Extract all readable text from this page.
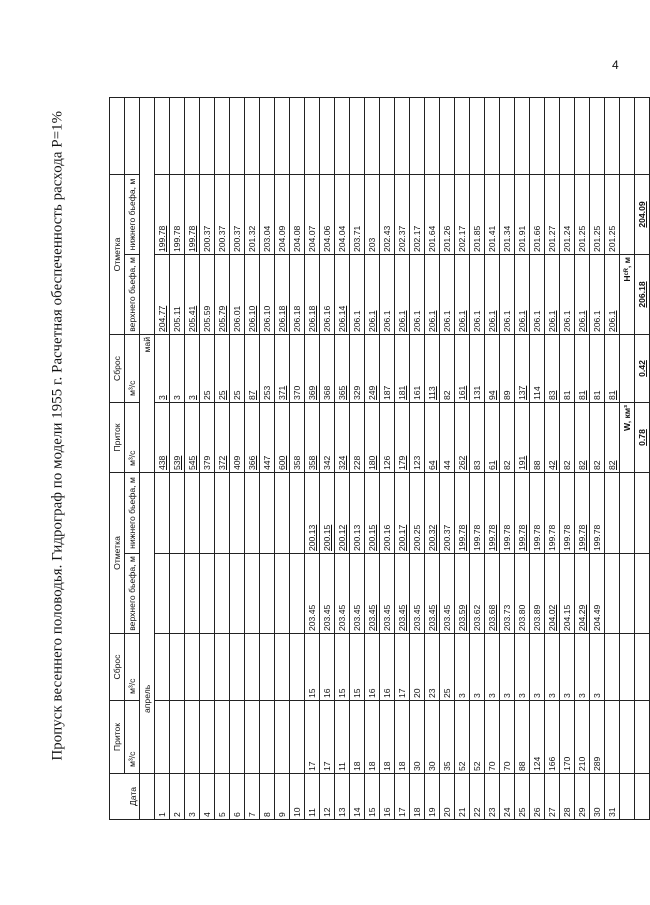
4
Пропуск весеннего половодья. Гидрограф по модели 1955 г. Расчетная обеспеченность расхода Р=1%
Дата	Приток	Сброс	Отметка		Приток	Сброс	Отметка		
	м³/с	м³/с	верхнего бьефа, м	нижнего бьефа, м	м³/с	м³/с	верхнего бьефа, м	нижнего бьефа, м	
	апрель				май				
1					438	3	204.77	199.78	
2					539	3	205.11	199.78	
3					545	3	205.41	199.78	
4					379	25	205.59	200.37	
5					372	25	205.79	200.37	
6					409	25	206.01	200.37	
7					366	87	206.10	201.32	
8					447	253	206.10	203.04	
9					600	371	206.18	204.09	
10					358	370	206.18	204.08	
11	17	15	203.45	200.13	358	369	206.18	204.07	
12	17	16	203.45	200.15	342	368	206.16	204.06	
13	11	15	203.45	200.12	324	365	206.14	204.04	
14	18	15	203.45	200.13	228	329	206.1	203.71	
15	18	16	203.45	200.15	180	249	206.1	203	
16	18	16	203.45	200.16	126	187	206.1	202.43	
17	18	17	203.45	200.17	179	181	206.1	202.37	
18	30	20	203.45	200.25	123	161	206.1	202.17	
19	30	23	203.45	200.32	64	113	206.1	201.64	
20	35	25	203.45	200.37	44	82	206.1	201.26	
21	52	3	203.59	199.78	262	161	206.1	202.17	
22	52	3	203.62	199.78	83	131	206.1	201.85	
23	70	3	203.68	199.78	61	94	206.1	201.41	
24	70	3	203.73	199.78	82	89	206.1	201.34	
25	88	3	203.80	199.78	191	137	206.1	201.91	
26	124	3	203.89	199.78	88	114	206.1	201.66	
27	166	3	204.02	199.78	42	83	206.1	201.27	
28	170	3	204.15	199.78	82	81	206.1	201.24	
29	210	3	204.29	199.78	82	81	206.1	201.25	
30	289	3	204.49	199.78	82	81	206.1	201.25	
31					82	81	206.1	201.25	
					W, км³		Hᶜᴿ, м		
					0.78	0.42	206.18	204.09	
